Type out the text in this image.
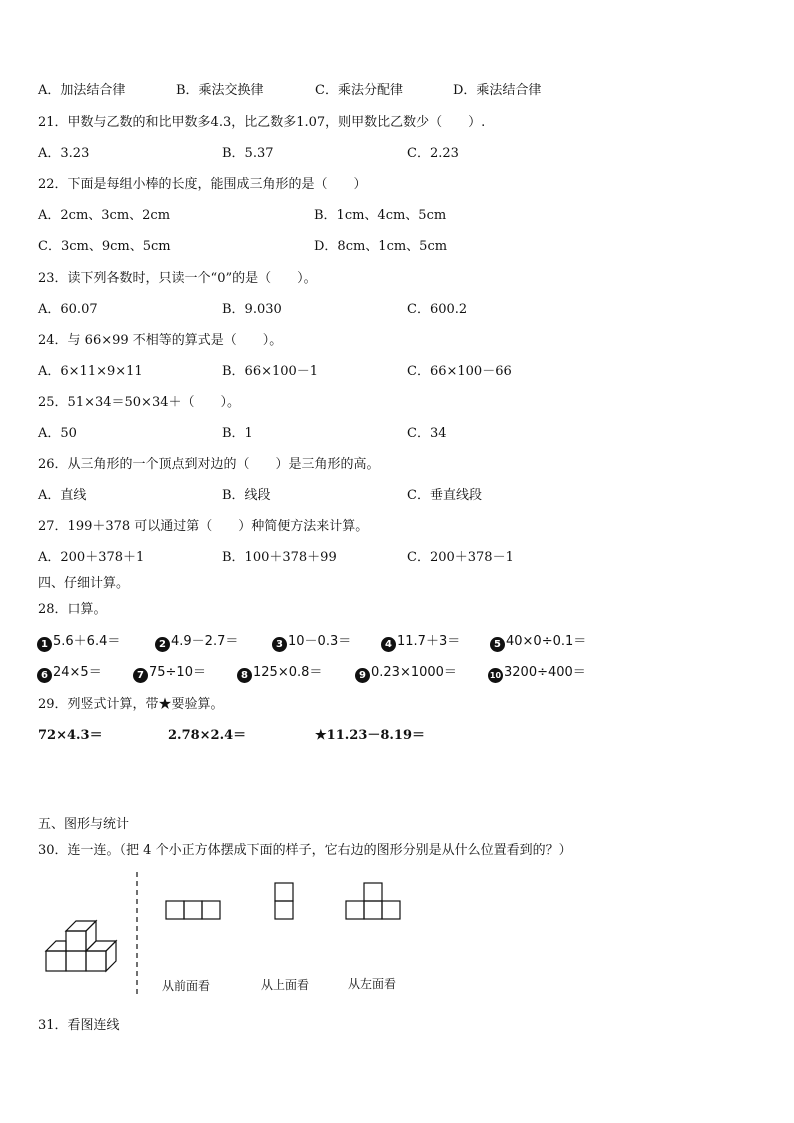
A．加法结合律	B．乘法交换律	C．乘法分配律	D．乘法结合律
21．甲数与乙数的和比甲数多4.3，比乙数多1.07，则甲数比乙数少（　　）.
A．3.23	B．5.37	C．2.23
22．下面是每组小棒的长度，能围成三角形的是（　　）
A．2cm、3cm、2cm	B．1cm、4cm、5cm
C．3cm、9cm、5cm	D．8cm、1cm、5cm
23．读下列各数时，只读一个“0”的是（　　）。
A．60.07	B．9.030	C．600.2
24．与 66×99 不相等的算式是（　　）。
A．6×11×9×11	B．66×100－1	C．66×100－66
25．51×34＝50×34＋（　　）。
A．50	B．1	C．34
26．从三角形的一个顶点到对边的（　　）是三角形的高。
A．直线	B．线段	C．垂直线段
27．199＋378 可以通过第（　　）种简便方法来计算。
A．200＋378＋1	B．100＋378＋99	C．200＋378－1
四、仔细计算。
28．口算。
1 5.6＋6.4＝	2 4.9－2.7＝	3 10－0.3＝	4 11.7＋3＝	5 40×0÷0.1＝
6 24×5＝	7 75÷10＝	8 125×0.8＝	9 0.23×1000＝	10 3200÷400＝
29．列竖式计算，带★要验算。
72×4.3＝	2.78×2.4＝	★11.23－8.19＝
五、图形与统计
30．连一连。（把 4 个小正方体摆成下面的样子，它右边的图形分别是从什么位置看到的？）
从前面看	从上面看	从左面看
31．看图连线
